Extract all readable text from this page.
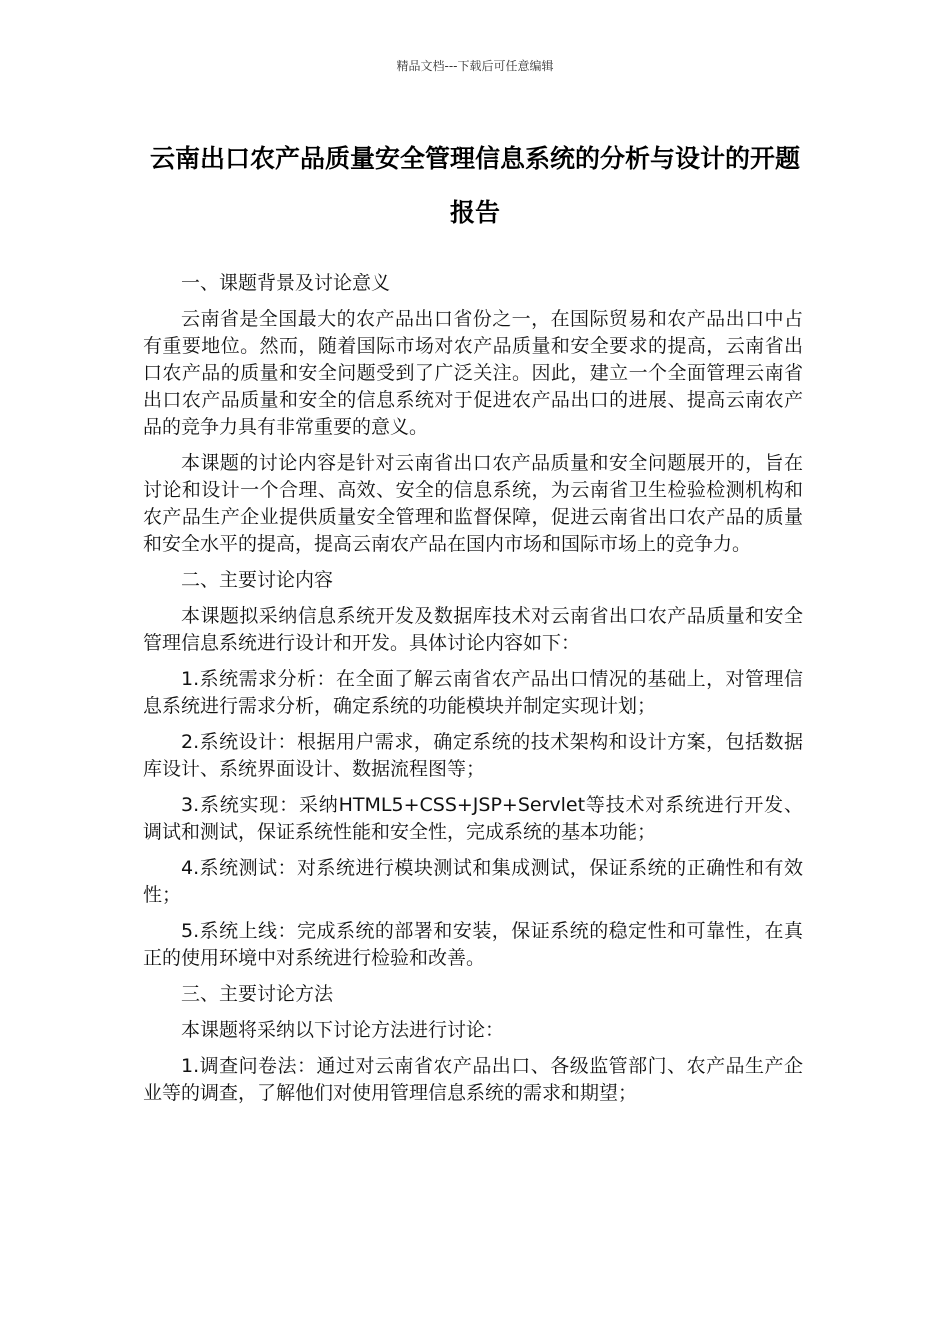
精品文档---下载后可任意编辑
云南出口农产品质量安全管理信息系统的分析与设计的开题报告

一、课题背景及讨论意义

云南省是全国最大的农产品出口省份之一，在国际贸易和农产品出口中占有重要地位。然而，随着国际市场对农产品质量和安全要求的提高，云南省出口农产品的质量和安全问题受到了广泛关注。因此，建立一个全面管理云南省出口农产品质量和安全的信息系统对于促进农产品出口的进展、提高云南农产品的竞争力具有非常重要的意义。

本课题的讨论内容是针对云南省出口农产品质量和安全问题展开的，旨在讨论和设计一个合理、高效、安全的信息系统，为云南省卫生检验检测机构和农产品生产企业提供质量安全管理和监督保障，促进云南省出口农产品的质量和安全水平的提高，提高云南农产品在国内市场和国际市场上的竞争力。

二、主要讨论内容

本课题拟采纳信息系统开发及数据库技术对云南省出口农产品质量和安全管理信息系统进行设计和开发。具体讨论内容如下：

1.系统需求分析：在全面了解云南省农产品出口情况的基础上，对管理信息系统进行需求分析，确定系统的功能模块并制定实现计划；

2.系统设计：根据用户需求，确定系统的技术架构和设计方案，包括数据库设计、系统界面设计、数据流程图等；

3.系统实现：采纳HTML5+CSS+JSP+Servlet等技术对系统进行开发、调试和测试，保证系统性能和安全性，完成系统的基本功能；

4.系统测试：对系统进行模块测试和集成测试，保证系统的正确性和有效性；

5.系统上线：完成系统的部署和安装，保证系统的稳定性和可靠性，在真正的使用环境中对系统进行检验和改善。

三、主要讨论方法

本课题将采纳以下讨论方法进行讨论：

1.调查问卷法：通过对云南省农产品出口、各级监管部门、农产品生产企业等的调查，了解他们对使用管理信息系统的需求和期望；
